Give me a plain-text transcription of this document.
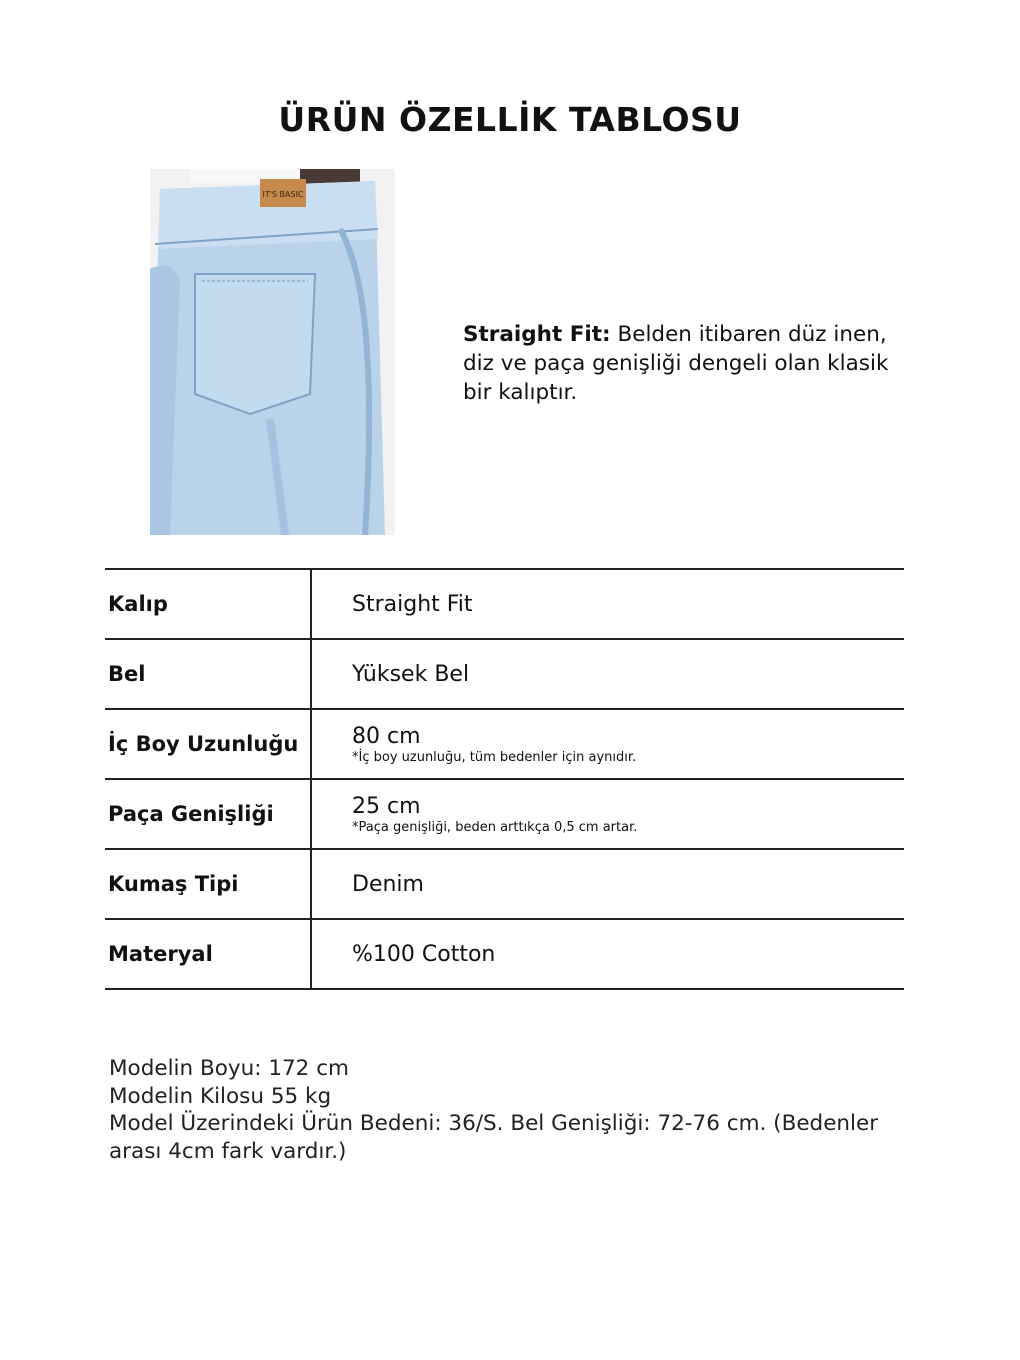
ÜRÜN ÖZELLİK TABLOSU
IT'S BASIC
Straight Fit: Belden itibaren düz inen, diz ve paça genişliği dengeli olan klasik bir kalıptır.
Kalıp	Straight Fit
Bel	Yüksek Bel
İç Boy Uzunluğu	80 cm
*İç boy uzunluğu, tüm bedenler için aynıdır.

Paça Genişliği	25 cm
*Paça genişliği, beden arttıkça 0,5 cm artar.

Kumaş Tipi	Denim
Materyal	%100 Cotton
Modelin Boyu: 172 cm
Modelin Kilosu 55 kg
Model Üzerindeki Ürün Bedeni: 36/S. Bel Genişliği: 72-76 cm. (Bedenler arası 4cm fark vardır.)
